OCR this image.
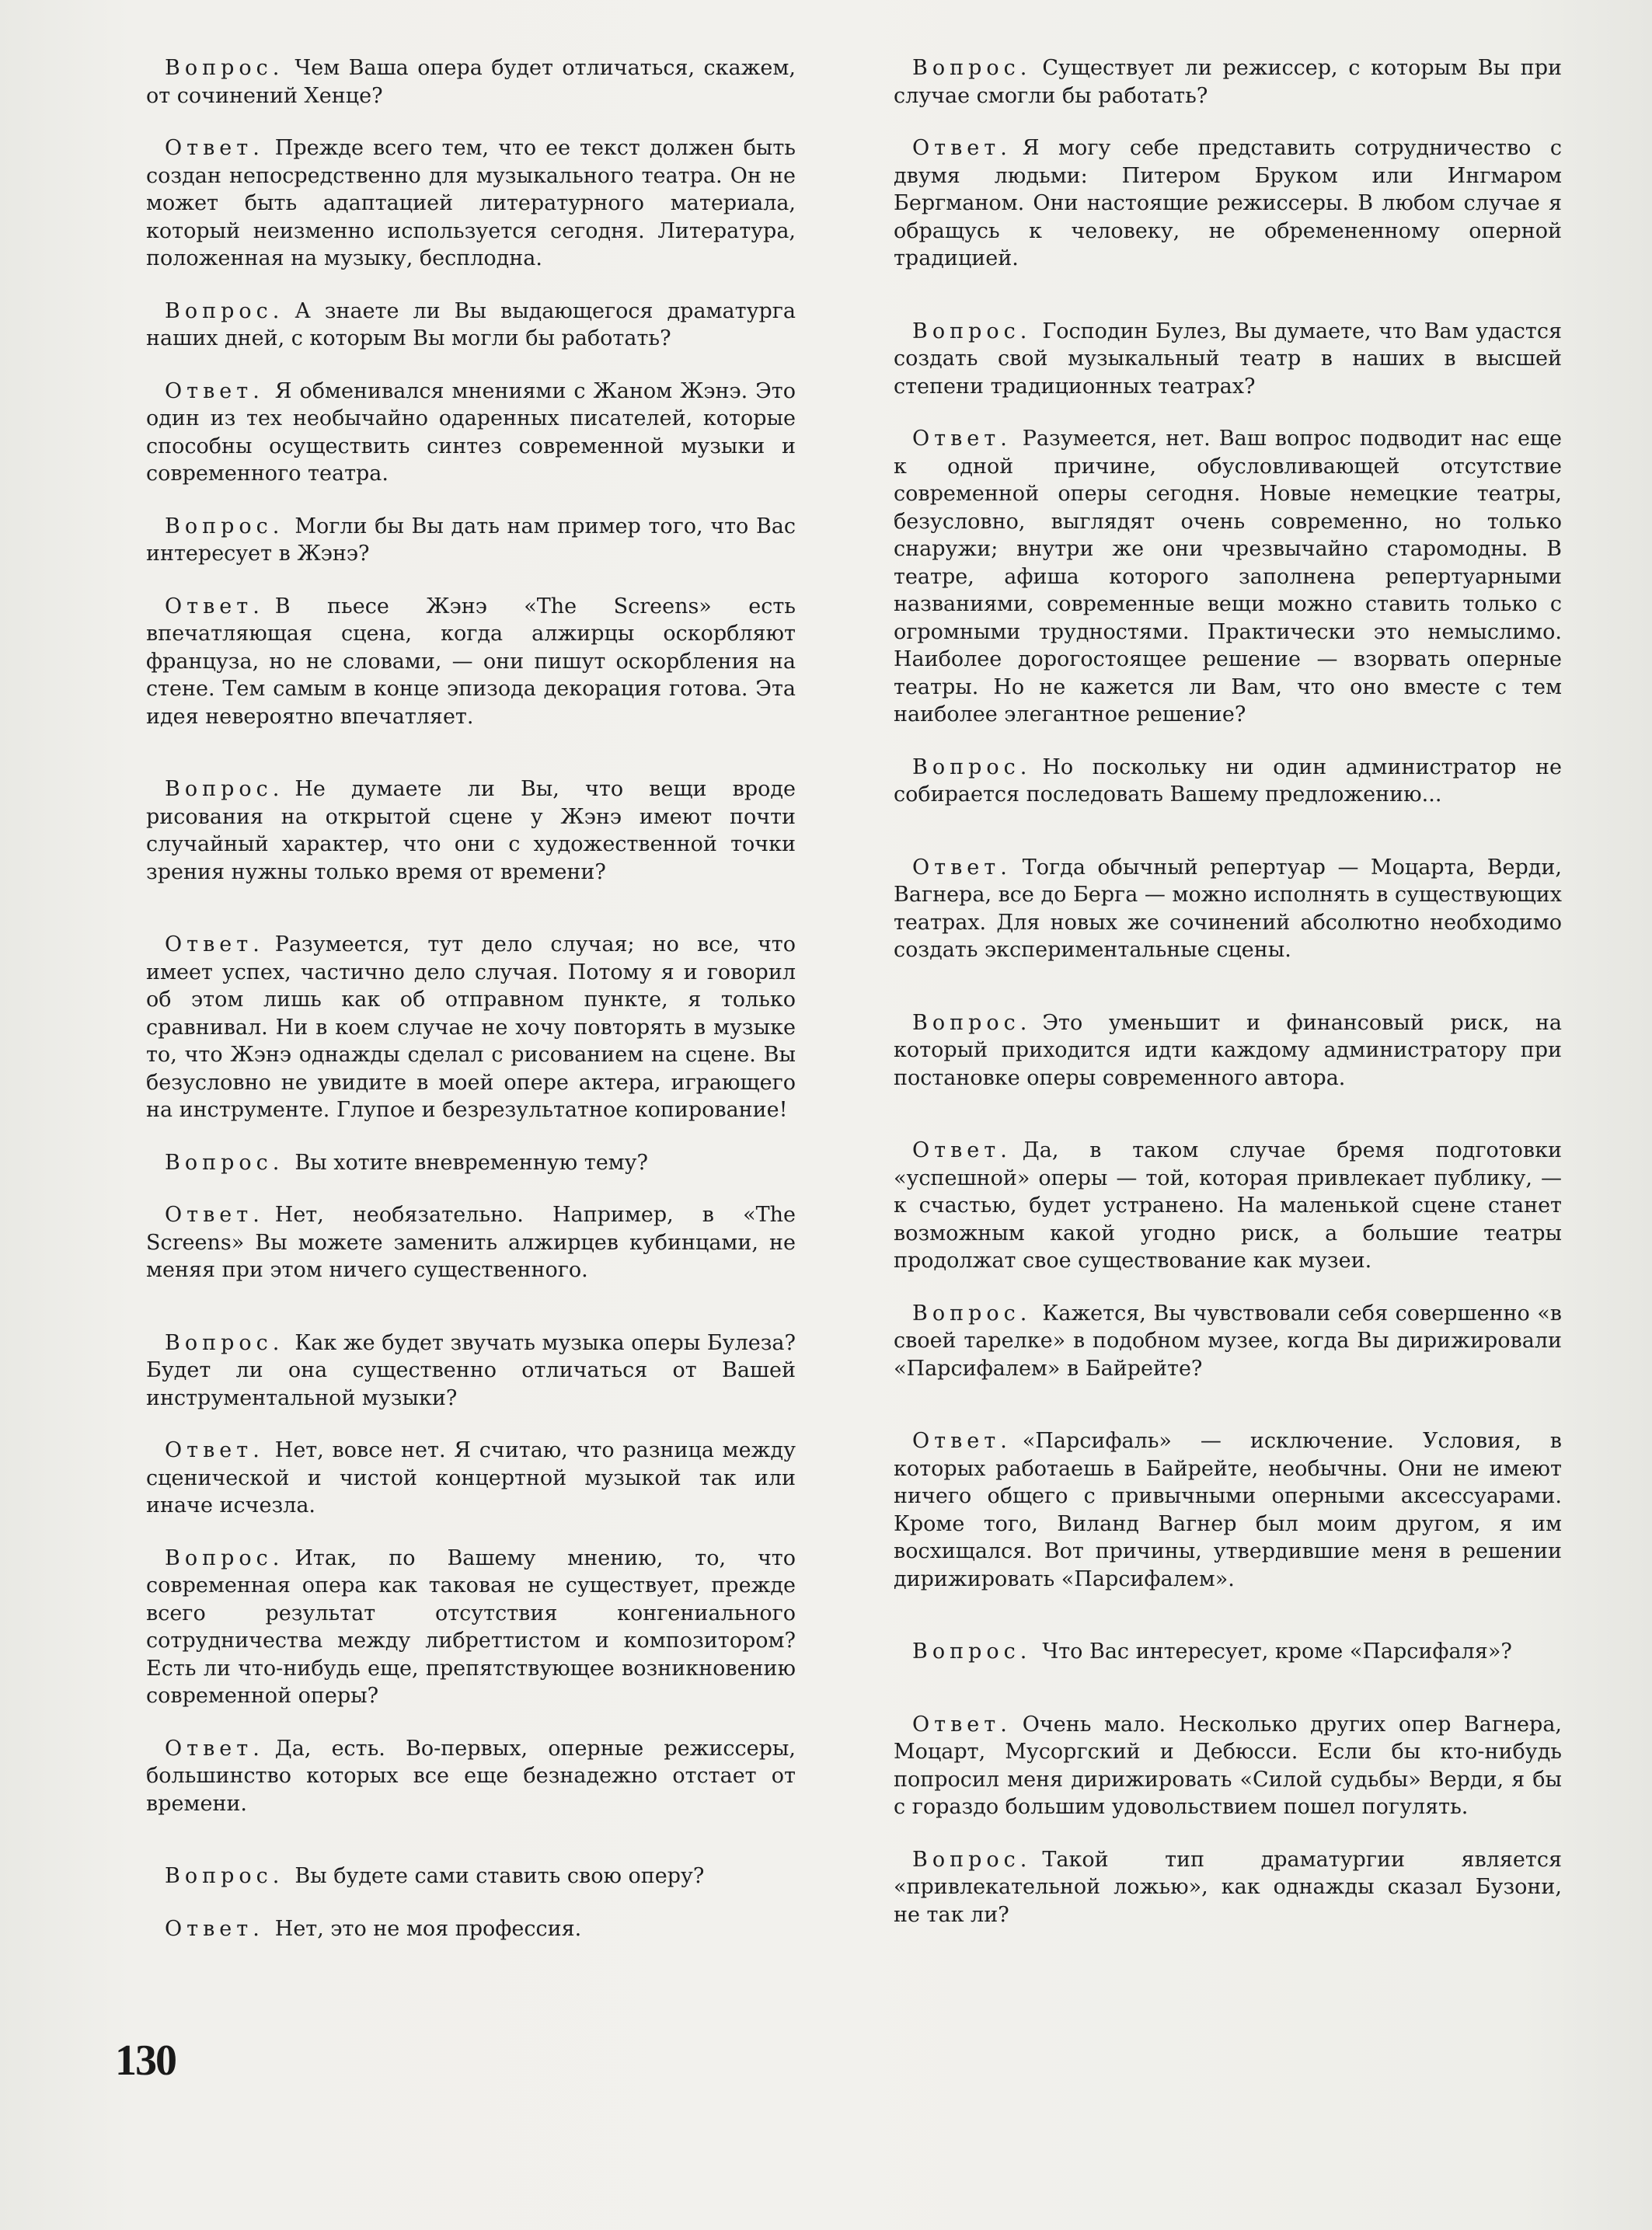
Вопрос. Чем Ваша опера будет отличаться, скажем, от сочинений Хенце?

Ответ. Прежде всего тем, что ее текст должен быть создан непосредственно для музыкального театра. Он не может быть адаптацией литературного материала, который неизменно используется сегодня. Литература, положенная на музыку, бесплодна.

Вопрос. А знаете ли Вы выдающегося драматурга наших дней, с которым Вы могли бы работать?

Ответ. Я обменивался мнениями с Жаном Жэнэ. Это один из тех необычайно одаренных писателей, которые способны осуществить синтез современной музыки и современного театра.

Вопрос. Могли бы Вы дать нам пример того, что Вас интересует в Жэнэ?

Ответ. В пьесе Жэнэ «The Screens» есть впечатляющая сцена, когда алжирцы оскорбляют француза, но не словами, — они пишут оскорбления на стене. Тем самым в конце эпизода декорация готова. Эта идея невероятно впечатляет.

Вопрос. Не думаете ли Вы, что вещи вроде рисования на открытой сцене у Жэнэ имеют почти случайный характер, что они с художественной точки зрения нужны только время от времени?

Ответ. Разумеется, тут дело случая; но все, что имеет успех, частично дело случая. Потому я и говорил об этом лишь как об отправном пункте, я только сравнивал. Ни в коем случае не хочу повторять в музыке то, что Жэнэ однажды сделал с рисованием на сцене. Вы безусловно не увидите в моей опере актера, играющего на инструменте. Глупое и безрезультатное копирование!

Вопрос. Вы хотите вневременную тему?

Ответ. Нет, необязательно. Например, в «The Screens» Вы можете заменить алжирцев кубинцами, не меняя при этом ничего существенного.

Вопрос. Как же будет звучать музыка оперы Булеза? Будет ли она существенно отличаться от Вашей инструментальной музыки?

Ответ. Нет, вовсе нет. Я считаю, что разница между сценической и чистой концертной музыкой так или иначе исчезла.

Вопрос. Итак, по Вашему мнению, то, что современная опера как таковая не существует, прежде всего результат отсутствия конгениального сотрудничества между либреттистом и композитором? Есть ли что-нибудь еще, препятствующее возникновению современной оперы?

Ответ. Да, есть. Во-первых, оперные режиссеры, большинство которых все еще безнадежно отстает от времени.

Вопрос. Вы будете сами ставить свою оперу?

Ответ. Нет, это не моя профессия.

Вопрос. Существует ли режиссер, с которым Вы при случае смогли бы работать?

Ответ. Я могу себе представить сотрудничество с двумя людьми: Питером Бруком или Ингмаром Бергманом. Они настоящие режиссеры. В любом случае я обращусь к человеку, не обремененному оперной традицией.

Вопрос. Господин Булез, Вы думаете, что Вам удастся создать свой музыкальный театр в наших в высшей степени традиционных театрах?

Ответ. Разумеется, нет. Ваш вопрос подводит нас еще к одной причине, обусловливающей отсутствие современной оперы сегодня. Новые немецкие театры, безусловно, выглядят очень современно, но только снаружи; внутри же они чрезвычайно старомодны. В театре, афиша которого заполнена репертуарными названиями, современные вещи можно ставить только с огромными трудностями. Практически это немыслимо. Наиболее дорогостоящее решение — взорвать оперные театры. Но не кажется ли Вам, что оно вместе с тем наиболее элегантное решение?

Вопрос. Но поскольку ни один администратор не собирается последовать Вашему предложению...

Ответ. Тогда обычный репертуар — Моцарта, Верди, Вагнера, все до Берга — можно исполнять в существующих театрах. Для новых же сочинений абсолютно необходимо создать экспериментальные сцены.

Вопрос. Это уменьшит и финансовый риск, на который приходится идти каждому администратору при постановке оперы современного автора.

Ответ. Да, в таком случае бремя подготовки «успешной» оперы — той, которая привлекает публику, — к счастью, будет устранено. На маленькой сцене станет возможным какой угодно риск, а большие театры продолжат свое существование как музеи.

Вопрос. Кажется, Вы чувствовали себя совершенно «в своей тарелке» в подобном музее, когда Вы дирижировали «Парсифалем» в Байрейте?

Ответ. «Парсифаль» — исключение. Условия, в которых работаешь в Байрейте, необычны. Они не имеют ничего общего с привычными оперными аксессуарами. Кроме того, Виланд Вагнер был моим другом, я им восхищался. Вот причины, утвердившие меня в решении дирижировать «Парсифалем».

Вопрос. Что Вас интересует, кроме «Парсифаля»?

Ответ. Очень мало. Несколько других опер Вагнера, Моцарт, Мусоргский и Дебюсси. Если бы кто-нибудь попросил меня дирижировать «Силой судьбы» Верди, я бы с гораздо большим удовольствием пошел погулять.

Вопрос. Такой тип драматургии является «привлекательной ложью», как однажды сказал Бузони, не так ли?

130
